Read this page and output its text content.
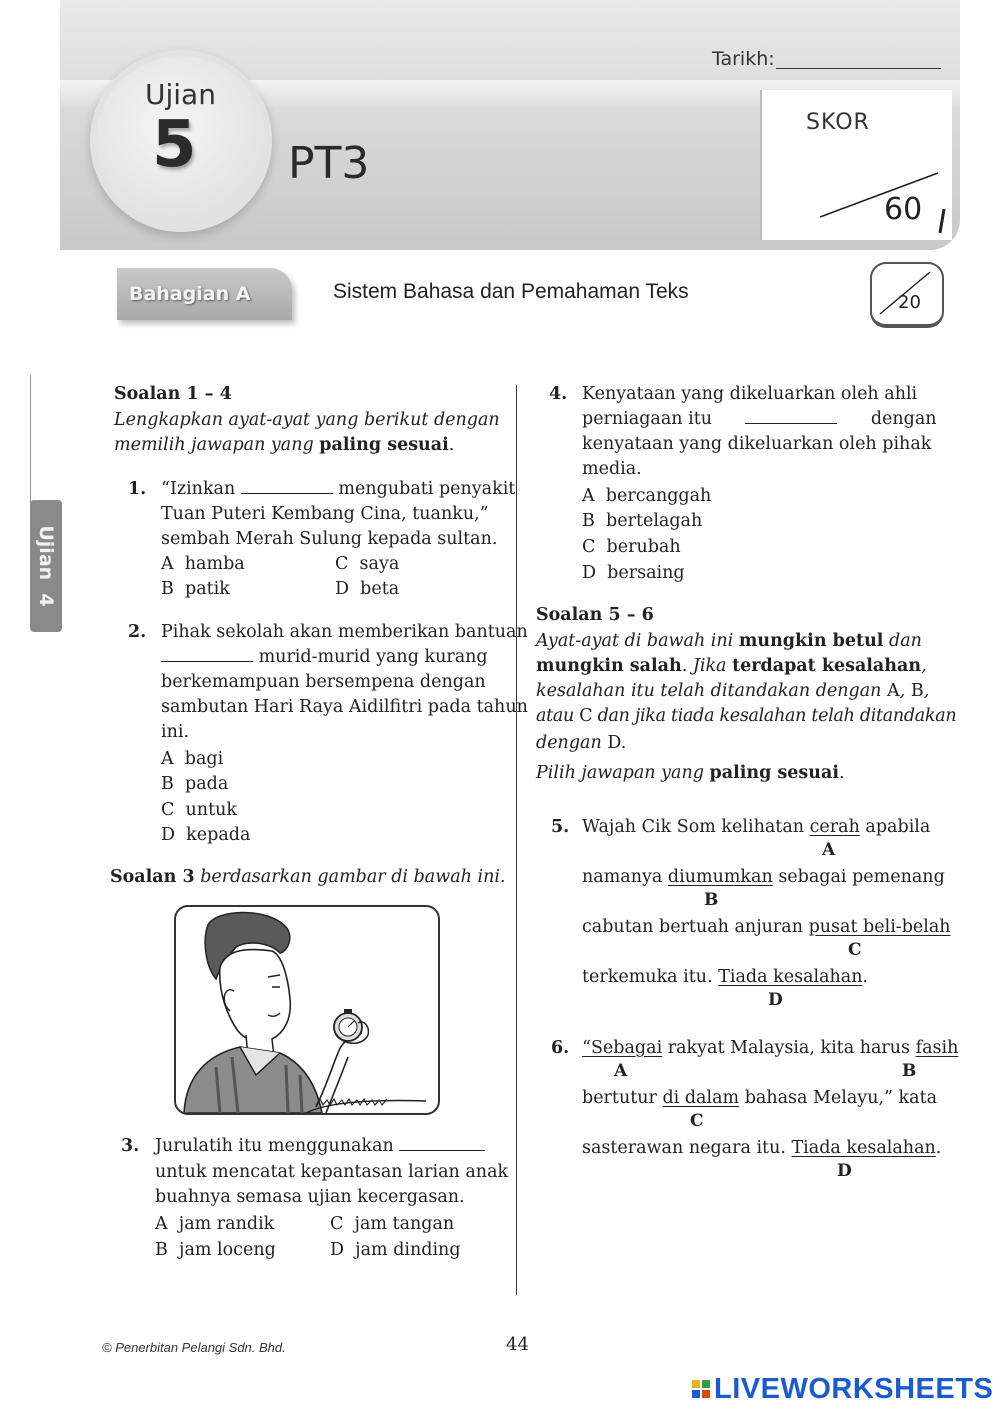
Ujian
5 PT3
Tarikh:
SKOR
60
Bahagian A	Sistem Bahasa dan Pemahaman Teks	20
Ujian  4
Soalan 1 – 4
Lengkapkan ayat-ayat yang berikut dengan
memilih jawapan yang paling sesuai.
1. “Izinkan	mengubati penyakit
Tuan Puteri Kembang Cina, tuanku,”
sembah Merah Sulung kepada sultan.
A hamba
B patik
C saya
D beta
2. Pihak sekolah akan memberikan bantuan
murid-murid yang kurang
berkemampuan bersempena dengan
sambutan Hari Raya Aidilfitri pada tahun
ini.
A bagi
B pada
C untuk
D kepada
Soalan 3 berdasarkan gambar di bawah ini.
3. Jurulatih itu menggunakan
untuk mencatat kepantasan larian anak
buahnya semasa ujian kecergasan.
A jam randik
B jam loceng
C jam tangan
D jam dinding
4. Kenyataan yang dikeluarkan oleh ahli
perniagaan itu	dengan
kenyataan yang dikeluarkan oleh pihak
media.
A bercanggah
B bertelagah
C berubah
D bersaing
Soalan 5 – 6
Ayat-ayat di bawah ini mungkin betul dan
mungkin salah. Jika terdapat kesalahan,
kesalahan itu telah ditandakan dengan A, B,
atau C dan jika tiada kesalahan telah ditandakan
dengan D.
Pilih jawapan yang paling sesuai.
5. Wajah Cik Som kelihatan cerah apabila
A
namanya diumumkan sebagai pemenang
B
cabutan bertuah anjuran pusat beli-belah
C
terkemuka itu. Tiada kesalahan.
D
6. “Sebagai rakyat Malaysia, kita harus fasih
A	B
bertutur di dalam bahasa Melayu,” kata
C
sasterawan negara itu. Tiada kesalahan.
D
© Penerbitan Pelangi Sdn. Bhd.	44
LIVEWORKSHEETS
